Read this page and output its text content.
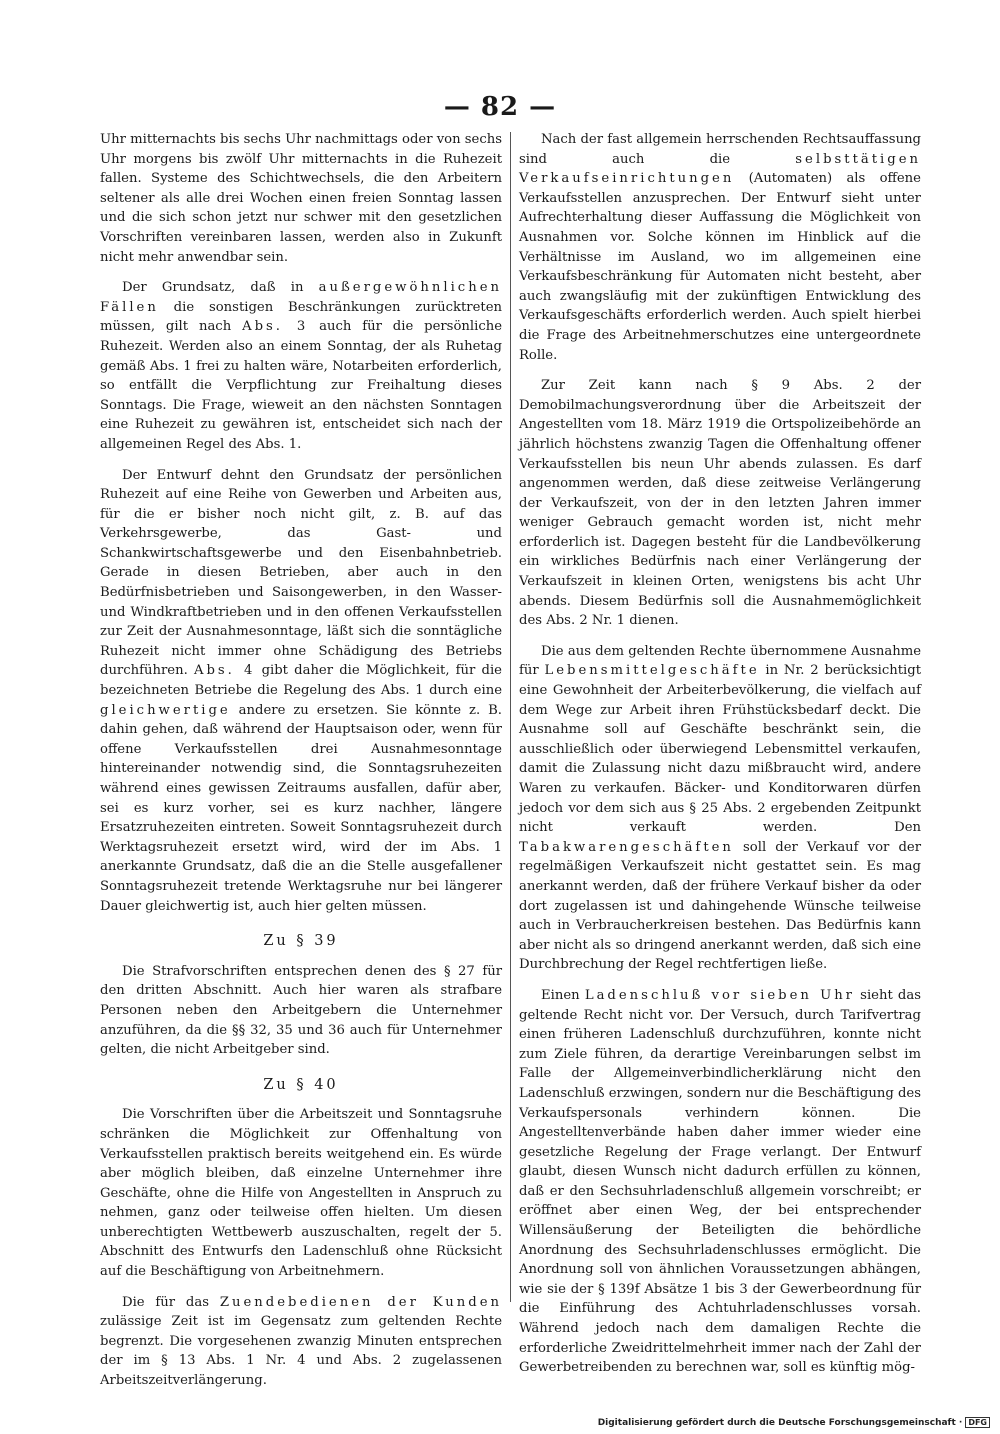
— 82 —

Uhr mitternachts bis sechs Uhr nachmittags oder von sechs Uhr morgens bis zwölf Uhr mitternachts in die Ruhezeit fallen. Systeme des Schichtwechsels, die den Arbeitern seltener als alle drei Wochen einen freien Sonntag lassen und die sich schon jetzt nur schwer mit den gesetzlichen Vorschriften vereinbaren lassen, werden also in Zukunft nicht mehr anwendbar sein.

Der Grundsatz, daß in außergewöhnlichen Fällen die sonstigen Beschränkungen zurücktreten müssen, gilt nach Abs. 3 auch für die persönliche Ruhezeit. Werden also an einem Sonntag, der als Ruhetag gemäß Abs. 1 frei zu halten wäre, Notarbeiten erforderlich, so entfällt die Verpflichtung zur Freihaltung dieses Sonntags. Die Frage, wieweit an den nächsten Sonntagen eine Ruhezeit zu gewähren ist, entscheidet sich nach der allgemeinen Regel des Abs. 1.

Der Entwurf dehnt den Grundsatz der persönlichen Ruhezeit auf eine Reihe von Gewerben und Arbeiten aus, für die er bisher noch nicht gilt, z. B. auf das Verkehrsgewerbe, das Gast- und Schankwirtschaftsgewerbe und den Eisenbahnbetrieb. Gerade in diesen Betrieben, aber auch in den Bedürfnisbetrieben und Saisongewerben, in den Wasser- und Windkraftbetrieben und in den offenen Verkaufsstellen zur Zeit der Ausnahmesonntage, läßt sich die sonntägliche Ruhezeit nicht immer ohne Schädigung des Betriebs durchführen. Abs. 4 gibt daher die Möglichkeit, für die bezeichneten Betriebe die Regelung des Abs. 1 durch eine gleichwertige andere zu ersetzen. Sie könnte z. B. dahin gehen, daß während der Hauptsaison oder, wenn für offene Verkaufsstellen drei Ausnahmesonntage hintereinander notwendig sind, die Sonntagsruhezeiten während eines gewissen Zeitraums ausfallen, dafür aber, sei es kurz vorher, sei es kurz nachher, längere Ersatzruhezeiten eintreten. Soweit Sonntagsruhezeit durch Werktagsruhezeit ersetzt wird, wird der im Abs. 1 anerkannte Grundsatz, daß die an die Stelle ausgefallener Sonntagsruhezeit tretende Werktagsruhe nur bei längerer Dauer gleichwertig ist, auch hier gelten müssen.

Zu § 39

Die Strafvorschriften entsprechen denen des § 27 für den dritten Abschnitt. Auch hier waren als strafbare Personen neben den Arbeitgebern die Unternehmer anzuführen, da die §§ 32, 35 und 36 auch für Unternehmer gelten, die nicht Arbeitgeber sind.

Zu § 40

Die Vorschriften über die Arbeitszeit und Sonntagsruhe schränken die Möglichkeit zur Offenhaltung von Verkaufsstellen praktisch bereits weitgehend ein. Es würde aber möglich bleiben, daß einzelne Unternehmer ihre Geschäfte, ohne die Hilfe von Angestellten in Anspruch zu nehmen, ganz oder teilweise offen hielten. Um diesen unberechtigten Wettbewerb auszuschalten, regelt der 5. Abschnitt des Entwurfs den Ladenschluß ohne Rücksicht auf die Beschäftigung von Arbeitnehmern.

Die für das Zuendebedienen der Kunden zulässige Zeit ist im Gegensatz zum geltenden Rechte begrenzt. Die vorgesehenen zwanzig Minuten entsprechen der im § 13 Abs. 1 Nr. 4 und Abs. 2 zugelassenen Arbeitszeitverlängerung.

Nach der fast allgemein herrschenden Rechtsauffassung sind auch die selbsttätigen Verkaufseinrichtungen (Automaten) als offene Verkaufsstellen anzusprechen. Der Entwurf sieht unter Aufrechterhaltung dieser Auffassung die Möglichkeit von Ausnahmen vor. Solche können im Hinblick auf die Verhältnisse im Ausland, wo im allgemeinen eine Verkaufsbeschränkung für Automaten nicht besteht, aber auch zwangsläufig mit der zukünftigen Entwicklung des Verkaufsgeschäfts erforderlich werden. Auch spielt hierbei die Frage des Arbeitnehmerschutzes eine untergeordnete Rolle.

Zur Zeit kann nach § 9 Abs. 2 der Demobilmachungsverordnung über die Arbeitszeit der Angestellten vom 18. März 1919 die Ortspolizeibehörde an jährlich höchstens zwanzig Tagen die Offenhaltung offener Verkaufsstellen bis neun Uhr abends zulassen. Es darf angenommen werden, daß diese zeitweise Verlängerung der Verkaufszeit, von der in den letzten Jahren immer weniger Gebrauch gemacht worden ist, nicht mehr erforderlich ist. Dagegen besteht für die Landbevölkerung ein wirkliches Bedürfnis nach einer Verlängerung der Verkaufszeit in kleinen Orten, wenigstens bis acht Uhr abends. Diesem Bedürfnis soll die Ausnahmemöglichkeit des Abs. 2 Nr. 1 dienen.

Die aus dem geltenden Rechte übernommene Ausnahme für Lebensmittelgeschäfte in Nr. 2 berücksichtigt eine Gewohnheit der Arbeiterbevölkerung, die vielfach auf dem Wege zur Arbeit ihren Frühstücksbedarf deckt. Die Ausnahme soll auf Geschäfte beschränkt sein, die ausschließlich oder überwiegend Lebensmittel verkaufen, damit die Zulassung nicht dazu mißbraucht wird, andere Waren zu verkaufen. Bäcker- und Konditorwaren dürfen jedoch vor dem sich aus § 25 Abs. 2 ergebenden Zeitpunkt nicht verkauft werden. Den Tabakwarengeschäften soll der Verkauf vor der regelmäßigen Verkaufszeit nicht gestattet sein. Es mag anerkannt werden, daß der frühere Verkauf bisher da oder dort zugelassen ist und dahingehende Wünsche teilweise auch in Verbraucherkreisen bestehen. Das Bedürfnis kann aber nicht als so dringend anerkannt werden, daß sich eine Durchbrechung der Regel rechtfertigen ließe.

Einen Ladenschluß vor sieben Uhr sieht das geltende Recht nicht vor. Der Versuch, durch Tarifvertrag einen früheren Ladenschluß durchzuführen, konnte nicht zum Ziele führen, da derartige Vereinbarungen selbst im Falle der Allgemeinverbindlicherklärung nicht den Ladenschluß erzwingen, sondern nur die Beschäftigung des Verkaufspersonals verhindern können. Die Angestelltenverbände haben daher immer wieder eine gesetzliche Regelung der Frage verlangt. Der Entwurf glaubt, diesen Wunsch nicht dadurch erfüllen zu können, daß er den Sechsuhrladenschluß allgemein vorschreibt; er eröffnet aber einen Weg, der bei entsprechender Willensäußerung der Beteiligten die behördliche Anordnung des Sechsuhrladenschlusses ermöglicht. Die Anordnung soll von ähnlichen Voraussetzungen abhängen, wie sie der § 139f Absätze 1 bis 3 der Gewerbeordnung für die Einführung des Achtuhrladenschlusses vorsah. Während jedoch nach dem damaligen Rechte die erforderliche Zweidrittelmehrheit immer nach der Zahl der Gewerbetreibenden zu berechnen war, soll es künftig mög-

Digitalisierung gefördert durch die Deutsche Forschungsgemeinschaft · DFG
